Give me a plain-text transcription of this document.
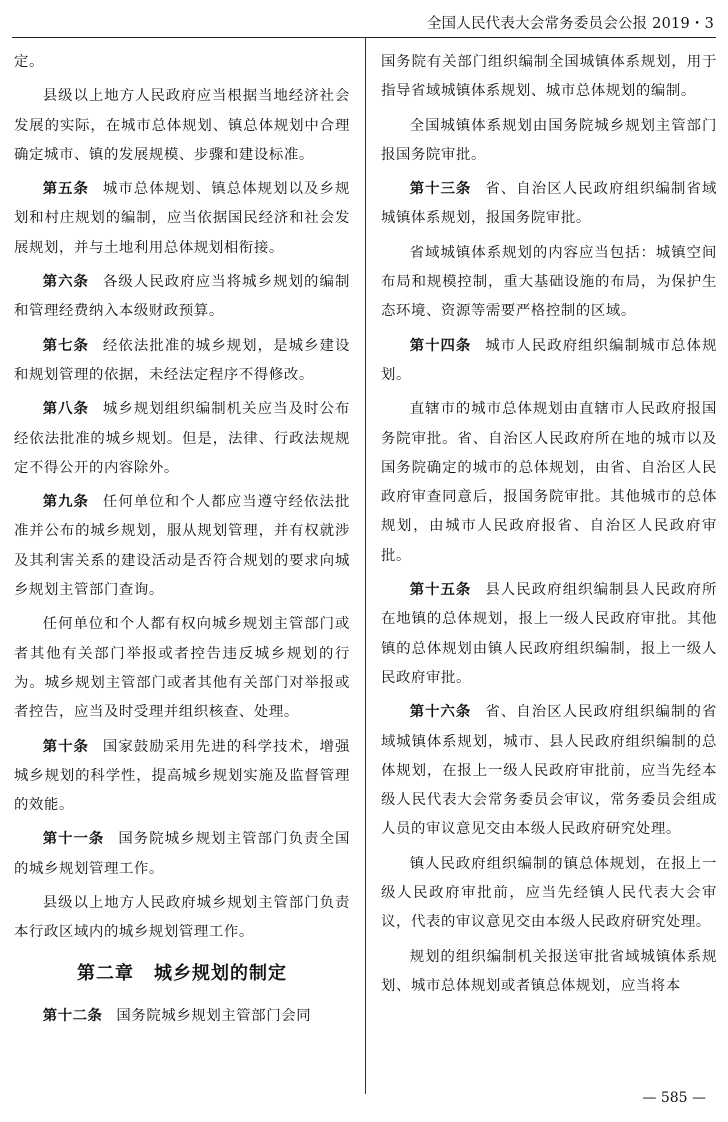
全国人民代表大会常务委员会公报 2019・3

定。

县级以上地方人民政府应当根据当地经济社会发展的实际，在城市总体规划、镇总体规划中合理确定城市、镇的发展规模、步骤和建设标准。

第五条 城市总体规划、镇总体规划以及乡规划和村庄规划的编制，应当依据国民经济和社会发展规划，并与土地利用总体规划相衔接。

第六条 各级人民政府应当将城乡规划的编制和管理经费纳入本级财政预算。

第七条 经依法批准的城乡规划，是城乡建设和规划管理的依据，未经法定程序不得修改。

第八条 城乡规划组织编制机关应当及时公布经依法批准的城乡规划。但是，法律、行政法规规定不得公开的内容除外。

第九条 任何单位和个人都应当遵守经依法批准并公布的城乡规划，服从规划管理，并有权就涉及其利害关系的建设活动是否符合规划的要求向城乡规划主管部门查询。

任何单位和个人都有权向城乡规划主管部门或者其他有关部门举报或者控告违反城乡规划的行为。城乡规划主管部门或者其他有关部门对举报或者控告，应当及时受理并组织核查、处理。

第十条 国家鼓励采用先进的科学技术，增强城乡规划的科学性，提高城乡规划实施及监督管理的效能。

第十一条 国务院城乡规划主管部门负责全国的城乡规划管理工作。

县级以上地方人民政府城乡规划主管部门负责本行政区域内的城乡规划管理工作。

第二章 城乡规划的制定

第十二条 国务院城乡规划主管部门会同

国务院有关部门组织编制全国城镇体系规划，用于指导省域城镇体系规划、城市总体规划的编制。

全国城镇体系规划由国务院城乡规划主管部门报国务院审批。

第十三条 省、自治区人民政府组织编制省域城镇体系规划，报国务院审批。

省域城镇体系规划的内容应当包括：城镇空间布局和规模控制，重大基础设施的布局，为保护生态环境、资源等需要严格控制的区域。

第十四条 城市人民政府组织编制城市总体规划。

直辖市的城市总体规划由直辖市人民政府报国务院审批。省、自治区人民政府所在地的城市以及国务院确定的城市的总体规划，由省、自治区人民政府审查同意后，报国务院审批。其他城市的总体规划，由城市人民政府报省、自治区人民政府审批。

第十五条 县人民政府组织编制县人民政府所在地镇的总体规划，报上一级人民政府审批。其他镇的总体规划由镇人民政府组织编制，报上一级人民政府审批。

第十六条 省、自治区人民政府组织编制的省域城镇体系规划，城市、县人民政府组织编制的总体规划，在报上一级人民政府审批前，应当先经本级人民代表大会常务委员会审议，常务委员会组成人员的审议意见交由本级人民政府研究处理。

镇人民政府组织编制的镇总体规划，在报上一级人民政府审批前，应当先经镇人民代表大会审议，代表的审议意见交由本级人民政府研究处理。

规划的组织编制机关报送审批省域城镇体系规划、城市总体规划或者镇总体规划，应当将本

— 585 —
